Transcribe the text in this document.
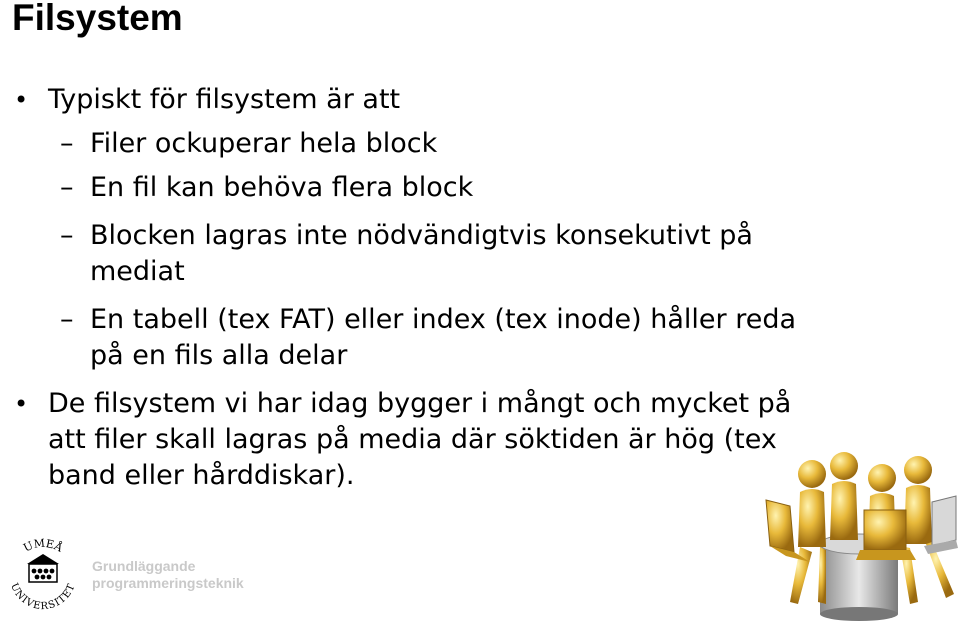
Filsystem
• Typiskt för filsystem är att
– Filer ockuperar hela block
– En fil kan behöva flera block
– Blocken lagras inte nödvändigtvis konsekutivt på
mediat
– En tabell (tex FAT) eller index (tex inode) håller reda
på en fils alla delar
• De filsystem vi har idag bygger i mångt och mycket på
att filer skall lagras på media där söktiden är hög (tex
band eller hårddiskar).
UMEÅ
UNIVERSITET
Grundläggande
programmeringsteknik
